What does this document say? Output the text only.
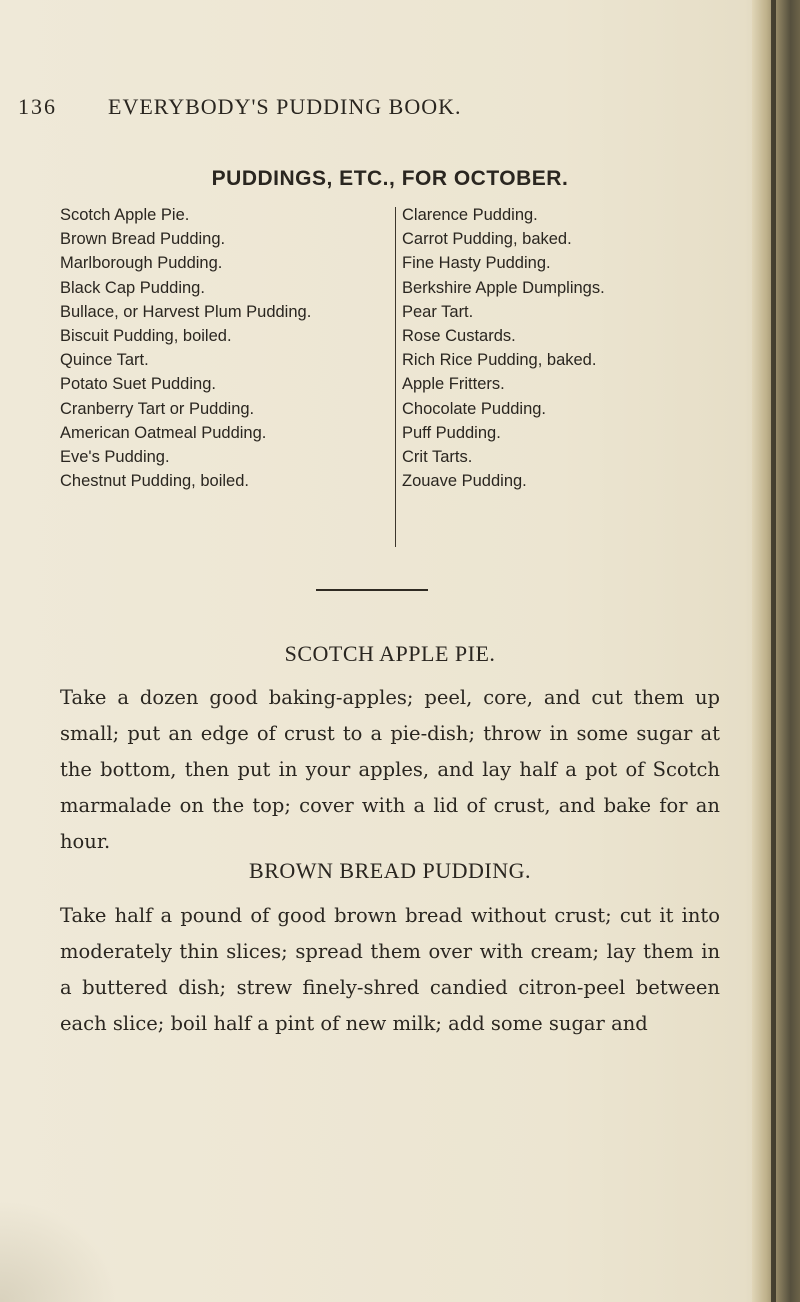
136 EVERYBODY'S PUDDING BOOK.
PUDDINGS, ETC., FOR OCTOBER.
Scotch Apple Pie.
Brown Bread Pudding.
Marlborough Pudding.
Black Cap Pudding.
Bullace, or Harvest Plum Pudding.
Biscuit Pudding, boiled.
Quince Tart.
Potato Suet Pudding.
Cranberry Tart or Pudding.
American Oatmeal Pudding.
Eve's Pudding.
Chestnut Pudding, boiled.
Clarence Pudding.
Carrot Pudding, baked.
Fine Hasty Pudding.
Berkshire Apple Dumplings.
Pear Tart.
Rose Custards.
Rich Rice Pudding, baked.
Apple Fritters.
Chocolate Pudding.
Puff Pudding.
Crit Tarts.
Zouave Pudding.
SCOTCH APPLE PIE.

Take a dozen good baking-apples; peel, core, and cut them up small; put an edge of crust to a pie-dish; throw in some sugar at the bottom, then put in your apples, and lay half a pot of Scotch marmalade on the top; cover with a lid of crust, and bake for an hour.

BROWN BREAD PUDDING.

Take half a pound of good brown bread without crust; cut it into moderately thin slices; spread them over with cream; lay them in a buttered dish; strew finely-shred candied citron-peel between each slice; boil half a pint of new milk; add some sugar and
